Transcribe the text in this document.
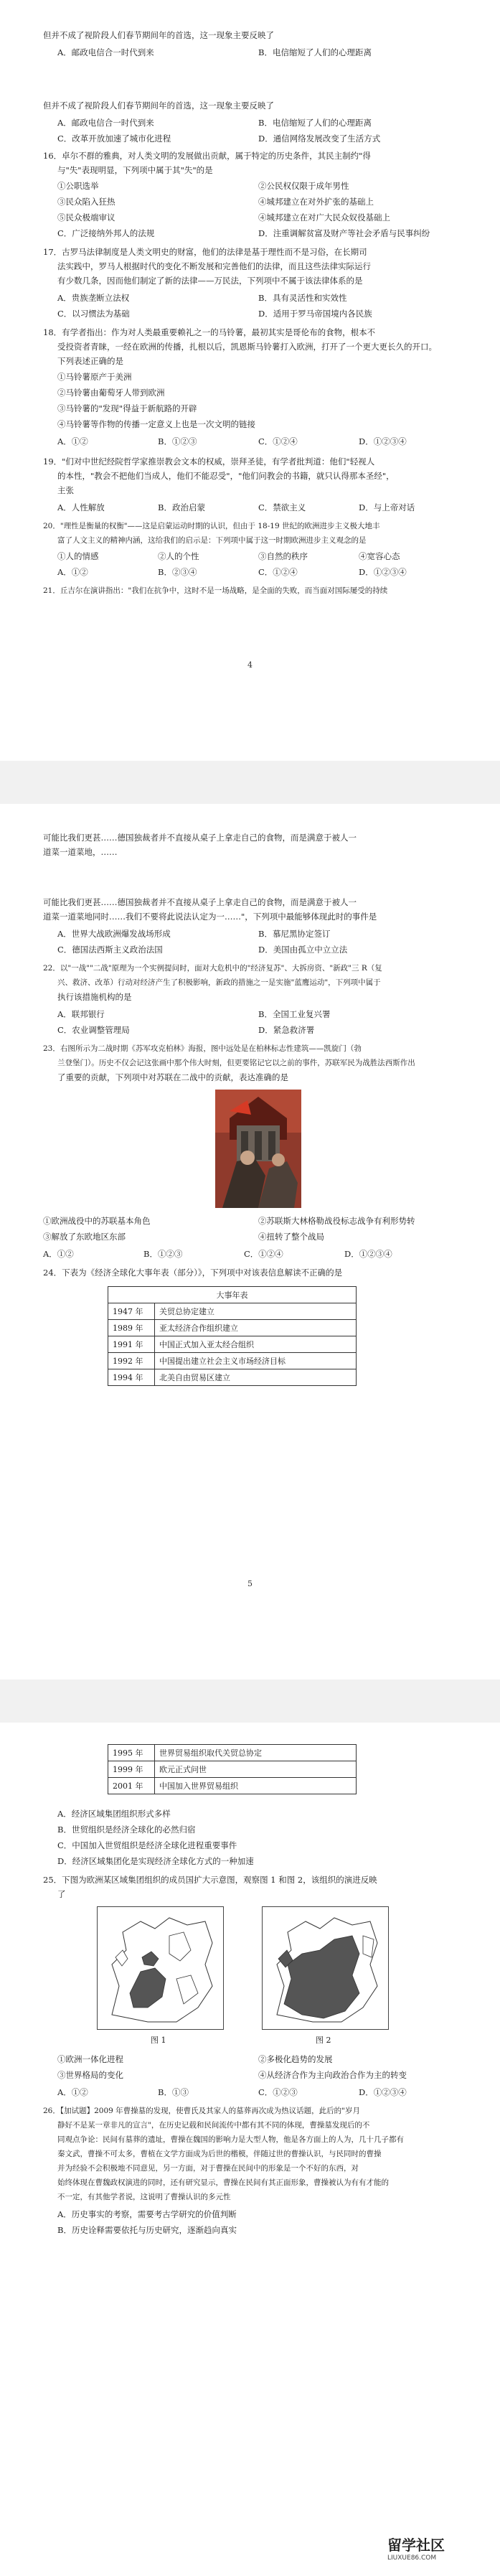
但并不成了视阶段人们春节期间年的首选，这一现象主要反映了
A．邮政电信合一时代到来	B．电信缩短了人们的心理距离
但并不成了视阶段人们春节期间年的首选，这一现象主要反映了
A．邮政电信合一时代到来	B．电信缩短了人们的心理距离
C．改革开放加速了城市化进程	D．通信网络发展改变了生活方式
16．卓尔不群的雅典，对人类文明的发展做出贡献，属于特定的历史条件，其民主制约"得
与"失"表现明显，下列项中属于其"失"的是
①公职选举	②公民权仅限于成年男性
③民众陷入狂热	④城邦建立在对外扩张的基础上
⑤民众极端审议	④城邦建立在对广大民众奴役基础上
C．广泛接纳外邦人的法规	D．注重调解贫富及财产等社会矛盾与民事纠纷
17．古罗马法律制度是人类文明史的财富，他们的法律是基于理性而不是习俗，在长期司
法实践中，罗马人根据时代的变化不断发展和完善他们的法律，而且这些法律实际运行
有少数几条，因而他们制定了新的法律——万民法，下列项中不属于该法律体系的是
A．贵族垄断立法权	B．具有灵活性和实效性
C．以习惯法为基础	D．适用于罗马帝国境内各民族
18．有学者指出：作为对人类最重要赖礼之一的马铃薯，最初其实是哥伦布的食物，根本不
受投资者青睐，一经在欧洲的传播，扎根以后，凯恩斯马铃薯打入欧洲，打开了一个更大更长久的开口。
下列表述正确的是
①马铃薯原产于美洲
②马铃薯由葡萄牙人带到欧洲
③马铃薯的"发现"得益于新航路的开辟
④马铃薯等作物的传播一定意义上也是一次文明的链接
A．①②	B．①②③	C．①②④	D．①②③④
19．"们对中世纪经院哲学家推崇教会文本的权威，崇拜圣徒，有学者批判道：他们"轻视人
的本性，"教会不把他们当成人，他们不能忍受"，"他们问教会的书籍，就只认得那本圣经"，
主张
A．人性解放	B．政治启蒙	C．禁欲主义	D．与上帝对话
20．"理性是衡量的权衡"——这是启蒙运动时期的认识，但由于 18-19 世纪的欧洲进步主义极大地丰
富了人文主义的精神内涵，这给我们的启示是：下列项中属于这一时期欧洲进步主义观念的是
①人的情感	②人的个性	③自然的秩序	④宽容心态
A．①②	B．②③④	C．①②④	D．①②③④
21．丘吉尔在演讲指出："我们在抗争中，这时不是一场战略，是全面的失败，而当面对国际屡受的持续
4
可能比我们更甚……德国独裁者并不直接从桌子上拿走自己的食物，而是满意于被人一
道菜一道菜地，……
可能比我们更甚……德国独裁者并不直接从桌子上拿走自己的食物，而是满意于被人一
道菜一道菜地同时……我们不要将此说法认定为一……"，下列项中最能够体现此时的事件是
A．世界大战欧洲爆发战场形成	B．慕尼黑协定签订
C．德国法西斯主义政治法国	D．美国由孤立中立立法
22．以"一战""二战"原理为一个实例提问时，面对大危机中的"经济复苏"、大拆房资、"新政"三 R（复
兴、救济、改革）行动对经济产生了积极影响，新政的措施之一是实施"蓝鹰运动"，下列项中属于
执行该措施机构的是
A．联邦银行	B．全国工业复兴署
C．农业调整管理局	D．紧急救济署
23．右图所示为二战时期《苏军攻克柏林》海报，图中远处是在柏林标志性建筑——凯旋门（勃
兰登堡门）。历史不仅会记这张画中那个伟大时刻，但更要铭记它以之前的事件，苏联军民为战胜法西斯作出
了重要的贡献，下列项中对苏联在二战中的贡献，表达准确的是
①欧洲战役中的苏联基本角色	②苏联斯大林格勒战役标志战争有利形势转
③解放了东欧地区东部	④扭转了整个战局
A．①②	B．①②③	C．①②④	D．①②③④
24．下表为《经济全球化大事年表（部分）》，下列项中对该表信息解读不正确的是
大事年表
1947 年	关贸总协定建立
1989 年	亚太经济合作组织建立
1991 年	中国正式加入亚太经合组织
1992 年	中国提出建立社会主义市场经济目标
1994 年	北美自由贸易区建立
5
1995 年	世界贸易组织取代关贸总协定
1999 年	欧元正式问世
2001 年	中国加入世界贸易组织
A．经济区域集团组织形式多样
B．世贸组织是经济全球化的必然归宿
C．中国加入世贸组织是经济全球化进程重要事件
D．经济区域集团化是实现经济全球化方式的一种加速
25．下图为欧洲某区域集团组织的成员国扩大示意图，观察图 1 和图 2，该组织的演进反映
了
图 1	图 2
①欧洲一体化进程	②多极化趋势的发展
③世界格局的变化	④从经济合作为主向政治合作为主的转变
A．①②	B．①③	C．①②③	D．①②③④
26．【加试题】2009 年曹操墓的发现，使曹氏及其家人的墓葬再次成为热议话题，此后的"岁月
静好不是某一章非凡的宣言"，在历史记载和民间流传中都有其不同的体现，曹操墓发现后的不
同观点争论：民间有墓葬的遗址，曹操在魏国的影响力是大型人物，他是各方面上的人为，几十几子都有
秦文武，曹操不可太多，曹植在文学方面成为后世的楷模，伴随过世的曹操认识，与民同时的曹操
并为经验不会积极地不同意见，另一方面，对于曹操在民间中的形象是一个不好的东西，对
始终体现在曹魏政权演进的同时，还有研究显示，曹操在民间有其正面形象，曹操被认为有有才能的
不一定，有其他学者说，这说明了曹操认识的多元性
A．历史事实的考察，需要考古学研究的价值判断
B．历史诠释需要依托与历史研究，逐渐趋向真实
留学社区
LIUXUE86.COM
